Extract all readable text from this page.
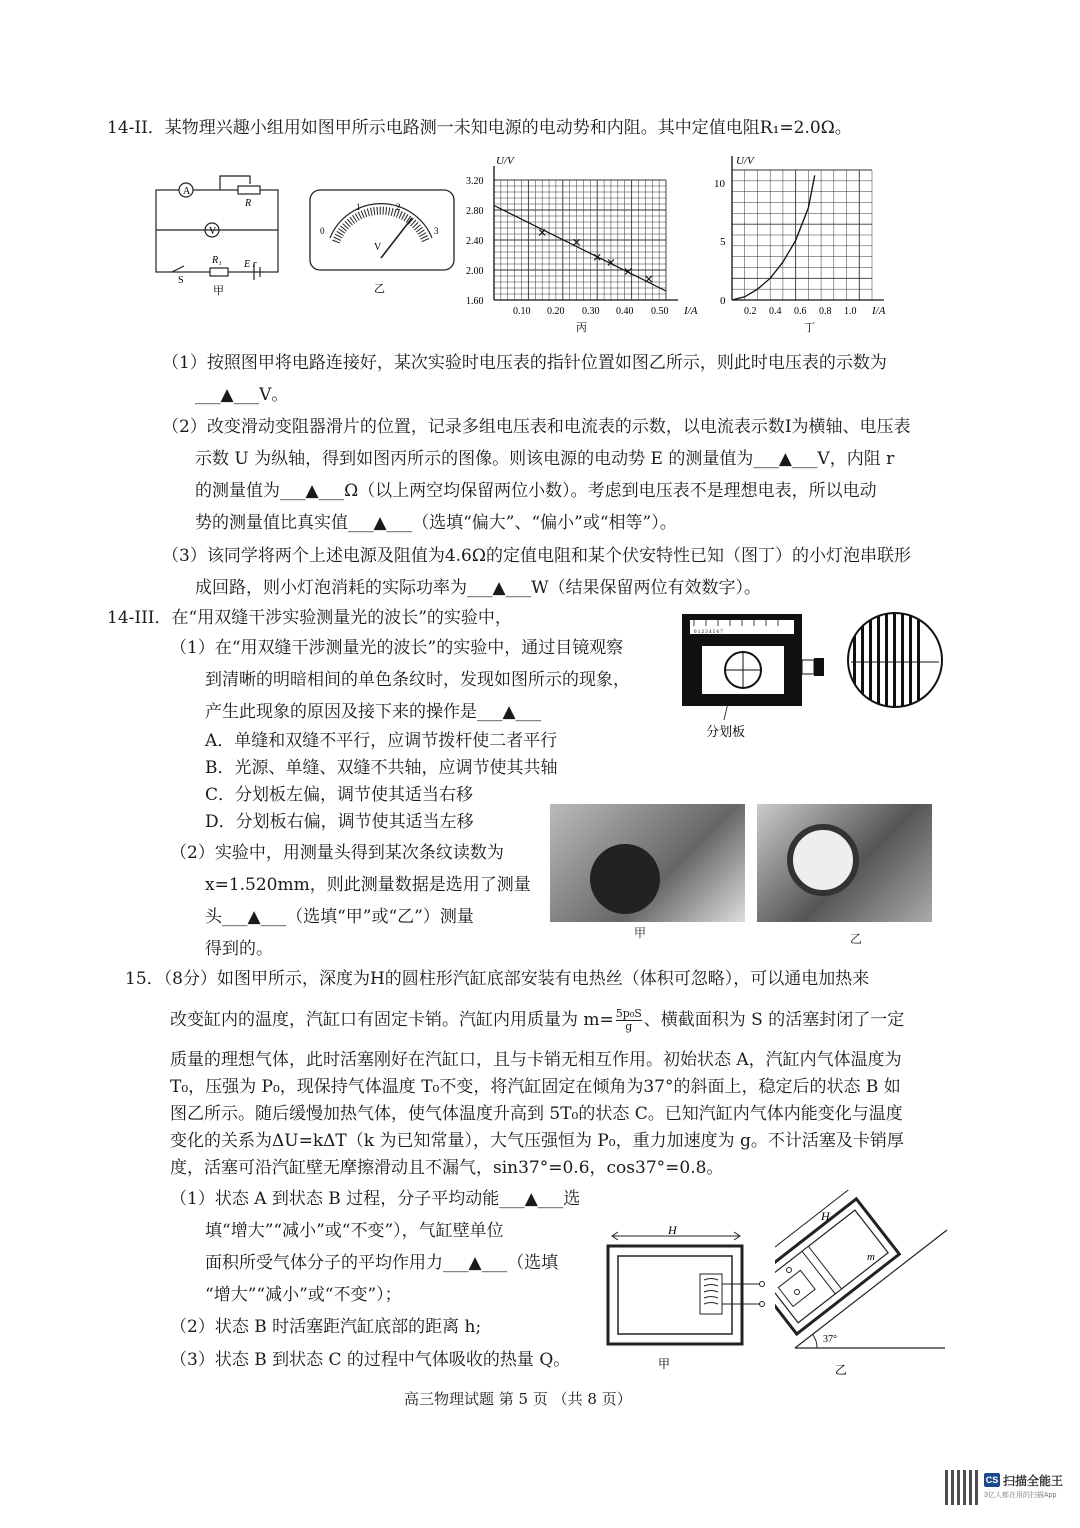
14-II．某物理兴趣小组用如图甲所示电路测一未知电源的电动势和内阻。其中定值电阻R₁=2.0Ω。
A
V
R
R₁ E r
S
甲
0
1	2
3
V
乙
U/V
I/A
3.20
2.80
2.40
2.00
1.60
0.10 0.20 0.30 0.40 0.50
丙
U/V
I/A
10
5
0
0.2 0.4 0.6 0.8 1.0
丁
（1）按照图甲将电路连接好，某次实验时电压表的指针位置如图乙所示，则此时电压表的示数为
___▲___V。
（2）改变滑动变阻器滑片的位置，记录多组电压表和电流表的示数，以电流表示数I为横轴、电压表
示数 U 为纵轴，得到如图丙所示的图像。则该电源的电动势 E 的测量值为___▲___V，内阻 r
的测量值为___▲___Ω（以上两空均保留两位小数）。考虑到电压表不是理想电表，所以电动
势的测量值比真实值___▲___（选填“偏大”、“偏小”或“相等”）。
（3）该同学将两个上述电源及阻值为4.6Ω的定值电阻和某个伏安特性已知（图丁）的小灯泡串联形
成回路，则小灯泡消耗的实际功率为___▲___W（结果保留两位有效数字）。
14-III．在“用双缝干涉实验测量光的波长”的实验中，
（1）在“用双缝干涉测量光的波长”的实验中，通过目镜观察
到清晰的明暗相间的单色条纹时，发现如图所示的现象，
产生此现象的原因及接下来的操作是___▲___
A．单缝和双缝不平行，应调节拨杆使二者平行
B．光源、单缝、双缝不共轴，应调节使其共轴
C．分划板左偏，调节使其适当右移
D．分划板右偏，调节使其适当左移
（2）实验中，用测量头得到某次条纹读数为
x=1.520mm，则此测量数据是选用了测量
头___▲___（选填“甲”或“乙”）测量
得到的。
0 1 2 3 4 5 6 7
分划板
甲	乙
15．（8分）如图甲所示，深度为H的圆柱形汽缸底部安装有电热丝（体积可忽略），可以通电加热来
改变缸内的温度，汽缸口有固定卡销。汽缸内用质量为 $m= \frac{\text{5p₀S}}{g}$ 、横截面积为 S 的活塞封闭了一定
质量的理想气体，此时活塞刚好在汽缸口，且与卡销无相互作用。初始状态 A，汽缸内气体温度为
T₀，压强为 P₀，现保持气体温度 T₀不变，将汽缸固定在倾角为37°的斜面上，稳定后的状态 B 如
图乙所示。随后缓慢加热气体，使气体温度升高到 5T₀的状态 C。已知汽缸内气体内能变化与温度
变化的关系为ΔU=kΔT（k 为已知常量），大气压强恒为 P₀，重力加速度为 g。不计活塞及卡销厚
度，活塞可沿汽缸壁无摩擦滑动且不漏气，sin37°=0.6，cos37°=0.8。
（1）状态 A 到状态 B 过程，分子平均动能___▲___选
填“增大”“减小”或“不变”），气缸壁单位
面积所受气体分子的平均作用力___▲___（选填
“增大”“减小”或“不变”）；
（2）状态 B 时活塞距汽缸底部的距离 h;
（3）状态 B 到状态 C 的过程中气体吸收的热量 Q。
H
甲
37°
H
m
乙
高三物理试题 第 5 页 （共 8 页）
CS 扫描全能王
3亿人都在用的扫描App
